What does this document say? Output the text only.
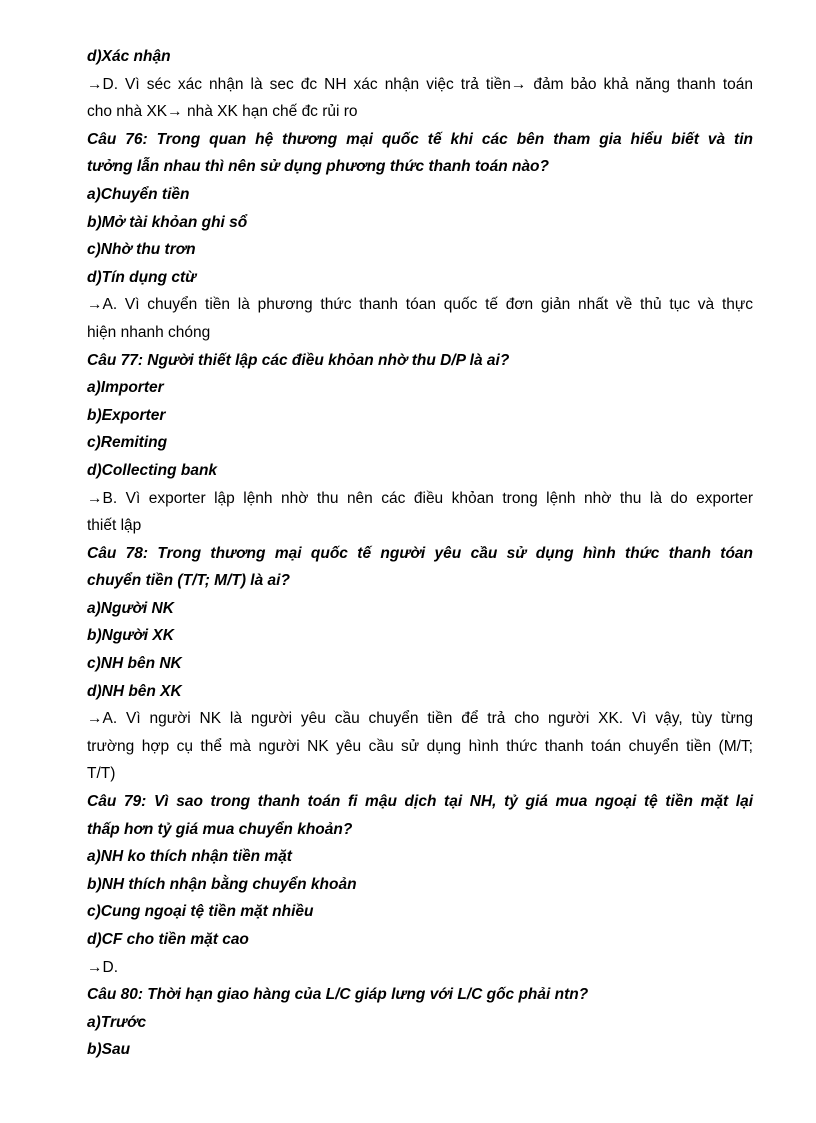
d)Xác nhận
→D. Vì séc xác nhận là sec đc NH xác nhận việc trả tiền→ đảm bảo khả năng thanh toán
cho nhà XK→ nhà XK hạn chế đc rủi ro
Câu 76: Trong quan hệ thương mại quốc tế khi các bên tham gia hiểu biết và tin
tưởng lẫn nhau thì nên sử dụng phương thức thanh toán nào?
a)Chuyển tiền
b)Mở tài khỏan ghi sổ
c)Nhờ thu trơn
d)Tín dụng ctừ
→A. Vì chuyển tiền là phương thức thanh tóan quốc tế đơn giản nhất về thủ tục và thực
hiện nhanh chóng
Câu 77: Người thiết lập các điều khỏan nhờ thu D/P là ai?
a)Importer
b)Exporter
c)Remiting
d)Collecting bank
→B. Vì exporter lập lệnh nhờ thu nên các điều khỏan trong lệnh nhờ thu là do exporter
thiết lập
Câu 78: Trong thương mại quốc tế người yêu cầu sử dụng hình thức thanh tóan
chuyển tiền (T/T; M/T) là ai?
a)Người NK
b)Người XK
c)NH bên NK
d)NH bên XK
→A. Vì người NK là người yêu cầu chuyển tiền để trả cho người XK. Vì vậy, tùy từng
trường hợp cụ thể mà người NK yêu cầu sử dụng hình thức thanh toán chuyển tiền (M/T;
T/T)
Câu 79: Vì sao trong thanh toán fi mậu dịch tại NH, tỷ giá mua ngoại tệ tiền mặt lại
thấp hơn tỷ giá mua chuyển khoản?
a)NH ko thích nhận tiền mặt
b)NH thích nhận bằng chuyển khoản
c)Cung ngoại tệ tiền mặt nhiều
d)CF cho tiền mặt cao
→D.
Câu 80: Thời hạn giao hàng của L/C giáp lưng với L/C gốc phải ntn?
a)Trước
b)Sau
